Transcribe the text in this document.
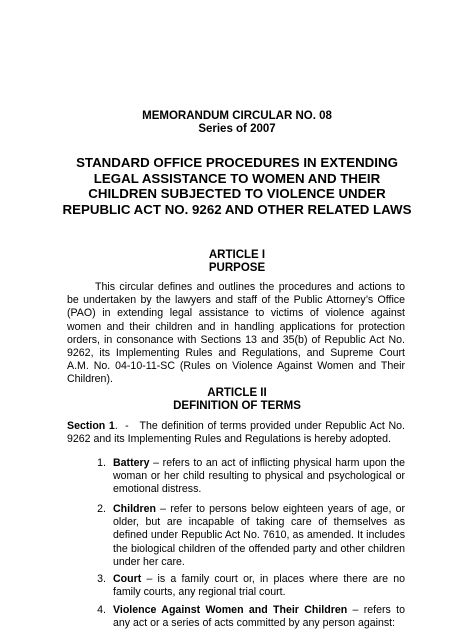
MEMORANDUM CIRCULAR NO. 08
Series of 2007
STANDARD OFFICE PROCEDURES IN EXTENDING
LEGAL ASSISTANCE TO WOMEN AND THEIR
CHILDREN SUBJECTED TO VIOLENCE UNDER
REPUBLIC ACT NO. 9262 AND OTHER RELATED LAWS
ARTICLE I
PURPOSE
This circular defines and outlines the procedures and actions to be undertaken by the lawyers and staff of the Public Attorney’s Office (PAO) in extending legal assistance to victims of violence against women and their children and in handling applications for protection orders, in consonance with Sections 13 and 35(b) of Republic Act No. 9262, its Implementing Rules and Regulations, and Supreme Court A.M. No. 04-10-11-SC (Rules on Violence Against Women and Their Children).
ARTICLE II
DEFINITION OF TERMS
Section 1.  -   The definition of terms provided under Republic Act No. 9262 and its Implementing Rules and Regulations is hereby adopted.
1. Battery – refers to an act of inflicting physical harm upon the woman or her child resulting to physical and psychological or emotional distress.
2. Children – refer to persons below eighteen years of age, or older, but are incapable of taking care of themselves as defined under Republic Act No. 7610, as amended. It includes the biological children of the offended party and other children under her care.
3. Court – is a family court or, in places where there are no family courts, any regional trial court.
4. Violence Against Women and Their Children – refers to any act or a series of acts committed by any person against:
